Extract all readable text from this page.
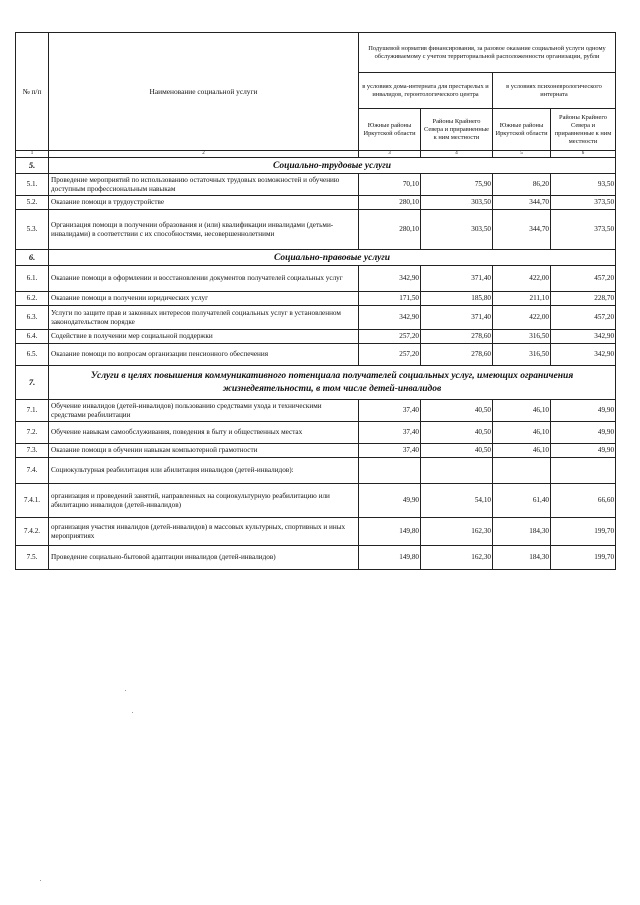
№ п/п	Наименование социальной услуги	Подушевой норматив финансирования, за разовое оказание социальной услуги одному обслуживаемому с учетом территориальной расположенности организации, рубли			
		в условиях дома-интерната для престарелых и инвалидов, геронтологического центра		в условиях психоневрологического интерната	
		Южные районы Иркутской области	Районы Крайнего Севера и приравненные к ним местности	Южные районы Иркутской области	Районы Крайнего Севера и приравненные к ним местности
1	2	3	4	5	6
5.	Социально-трудовые услуги				
5.1.	Проведение мероприятий по использованию остаточных трудовых возможностей и обучению доступным профессиональным навыкам	70,10	75,90	86,20	93,50
5.2.	Оказание помощи в трудоустройстве	280,10	303,50	344,70	373,50
5.3.	Организация помощи в получении образования и (или) квалификации инвалидами (детьми-инвалидами) в соответствии с их способностями, несовершеннолетними	280,10	303,50	344,70	373,50
6.	Социально-правовые услуги				
6.1.	Оказание помощи в оформлении и восстановлении документов получателей социальных услуг	342,90	371,40	422,00	457,20
6.2.	Оказание помощи в получении юридических услуг	171,50	185,80	211,10	228,70
6.3.	Услуги по защите прав и законных интересов получателей социальных услуг в установленном законодательством порядке	342,90	371,40	422,00	457,20
6.4.	Содействие в получении мер социальной поддержки	257,20	278,60	316,50	342,90
6.5.	Оказание помощи по вопросам организации пенсионного обеспечения	257,20	278,60	316,50	342,90
7.	Услуги в целях повышения коммуникативного потенциала получателей социальных услуг, имеющих ограничения жизнедеятельности, в том числе детей-инвалидов				
7.1.	Обучение инвалидов (детей-инвалидов) пользованию средствами ухода и техническими средствами реабилитации	37,40	40,50	46,10	49,90
7.2.	Обучение навыкам самообслуживания, поведения в быту и общественных местах	37,40	40,50	46,10	49,90
7.3.	Оказание помощи в обучении навыкам компьютерной грамотности	37,40	40,50	46,10	49,90
7.4.	Социокультурная реабилитация или абилитация инвалидов (детей-инвалидов):				
7.4.1.	организация и проведений занятий, направленных на социокультурную реабилитацию или абилитацию инвалидов (детей-инвалидов)	49,90	54,10	61,40	66,60
7.4.2.	организация участия инвалидов (детей-инвалидов) в массовых культурных, спортивных и иных мероприятиях	149,80	162,30	184,30	199,70
7.5.	Проведение социально-бытовой адаптации инвалидов (детей-инвалидов)	149,80	162,30	184,30	199,70
